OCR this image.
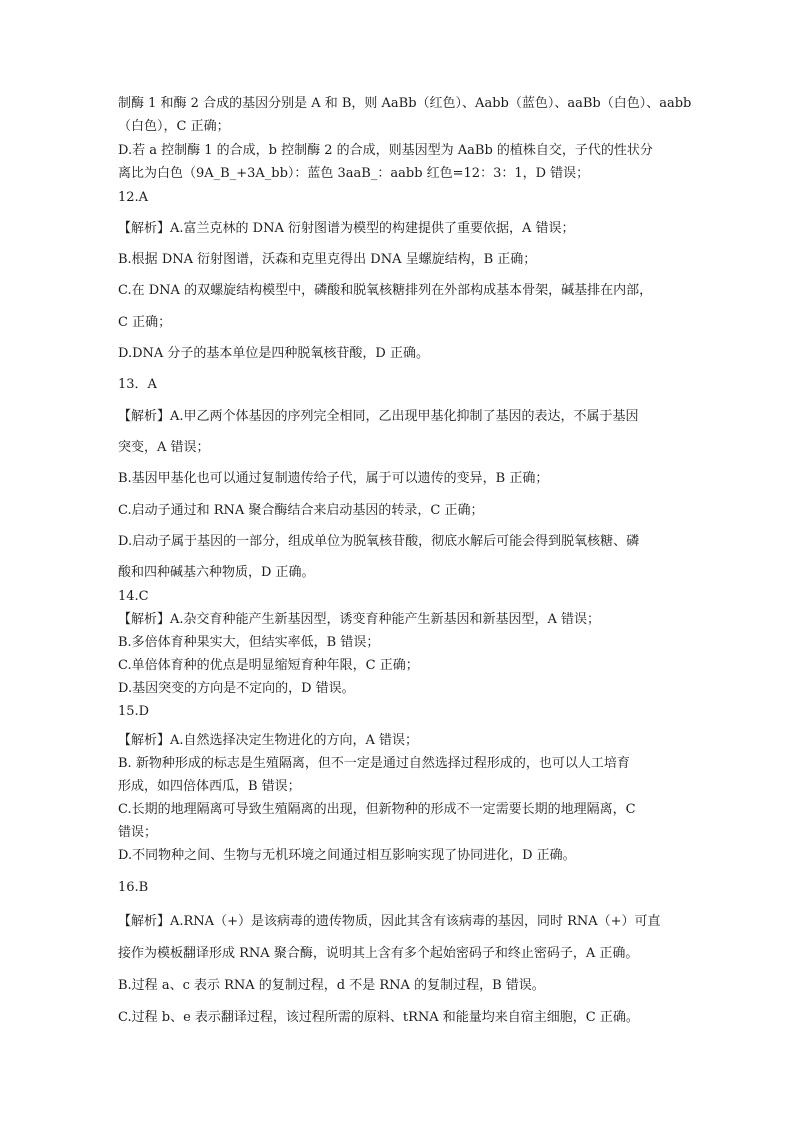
制酶 1 和酶 2 合成的基因分别是 A 和 B，则 AaBb（红色）、Aabb（蓝色）、aaBb（白色）、aabb
（白色），C 正确；
D.若 a 控制酶 1 的合成，b 控制酶 2 的合成，则基因型为 AaBb 的植株自交，子代的性状分
离比为白色（9A_B_+3A_bb）：蓝色 3aaB_：aabb 红色=12：3：1，D 错误；
12.A
【解析】A.富兰克林的 DNA 衍射图谱为模型的构建提供了重要依据，A 错误；
B.根据 DNA 衍射图谱，沃森和克里克得出 DNA 呈螺旋结构，B 正确；
C.在 DNA 的双螺旋结构模型中，磷酸和脱氧核糖排列在外部构成基本骨架，碱基排在内部，
C 正确；
D.DNA 分子的基本单位是四种脱氧核苷酸，D 正确。
13．A
【解析】A.甲乙两个体基因的序列完全相同，乙出现甲基化抑制了基因的表达，不属于基因
突变，A 错误；
B.基因甲基化也可以通过复制遗传给子代，属于可以遗传的变异，B 正确；
C.启动子通过和 RNA 聚合酶结合来启动基因的转录，C 正确；
D.启动子属于基因的一部分，组成单位为脱氧核苷酸，彻底水解后可能会得到脱氧核糖、磷
酸和四种碱基六种物质，D 正确。
14.C
【解析】A.杂交育种能产生新基因型，诱变育种能产生新基因和新基因型，A 错误；
B.多倍体育种果实大，但结实率低，B 错误；
C.单倍体育种的优点是明显缩短育种年限，C 正确；
D.基因突变的方向是不定向的，D 错误。
15.D
【解析】A.自然选择决定生物进化的方向，A 错误；
B. 新物种形成的标志是生殖隔离，但不一定是通过自然选择过程形成的，也可以人工培育
形成，如四倍体西瓜，B 错误；
C.长期的地理隔离可导致生殖隔离的出现，但新物种的形成不一定需要长期的地理隔离，C
错误；
D.不同物种之间、生物与无机环境之间通过相互影响实现了协同进化，D 正确。
16.B
【解析】A.RNA（+）是该病毒的遗传物质，因此其含有该病毒的基因，同时 RNA（+）可直
接作为模板翻译形成 RNA 聚合酶，说明其上含有多个起始密码子和终止密码子，A 正确。
B.过程 a、c 表示 RNA 的复制过程，d 不是 RNA 的复制过程，B 错误。
C.过程 b、e 表示翻译过程，该过程所需的原料、tRNA 和能量均来自宿主细胞，C 正确。
